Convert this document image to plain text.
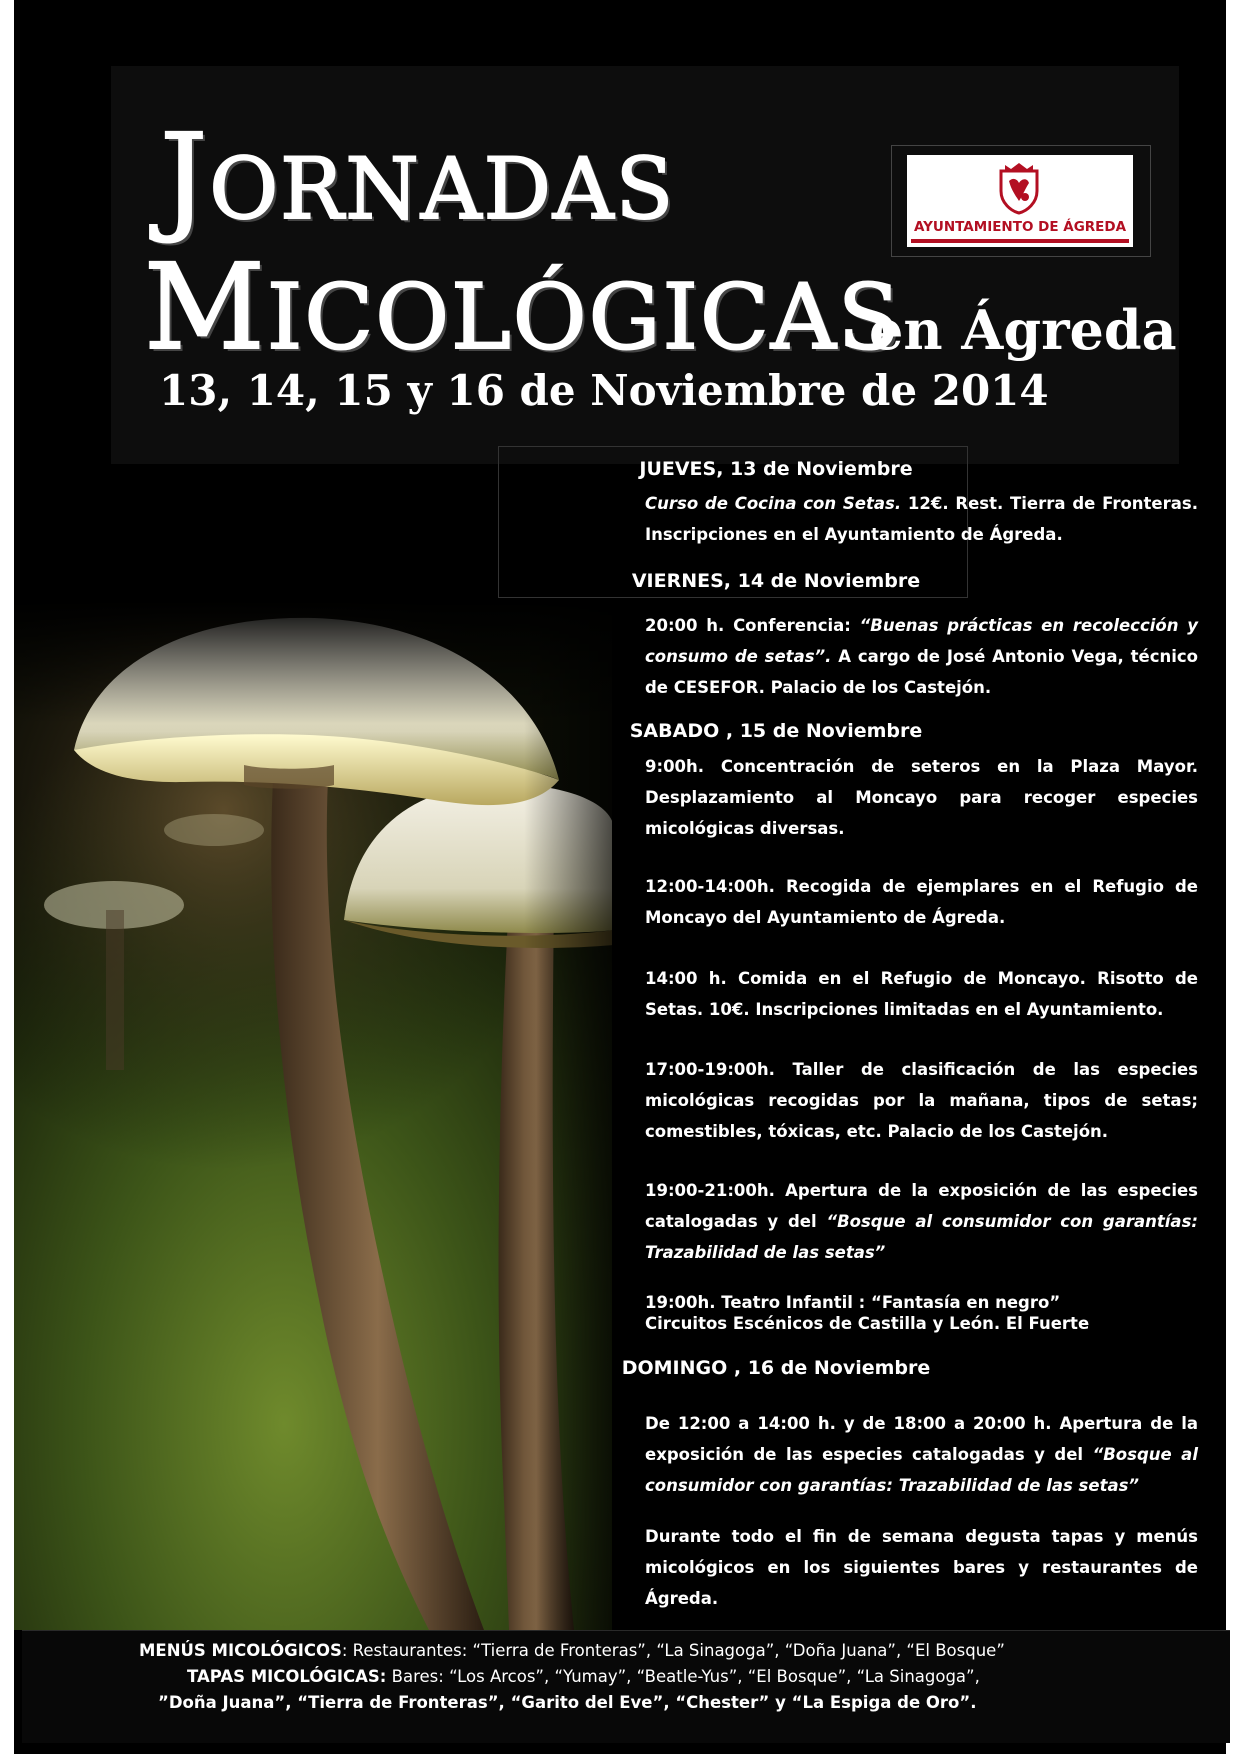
JORNADAS
MICOLÓGICAS
en Ágreda
13, 14, 15 y 16 de Noviembre de 2014
AYUNTAMIENTO DE ÁGREDA
JUEVES, 13 de Noviembre
Curso de Cocina con Setas. 12€. Rest. Tierra de Fronteras. Inscripciones en el Ayuntamiento de Ágreda.
VIERNES, 14 de Noviembre
20:00 h. Conferencia: “Buenas prácticas en recolección y consumo de setas”. A cargo de José Antonio Vega, técnico de CESEFOR. Palacio de los Castejón.
SABADO , 15 de Noviembre
9:00h. Concentración de seteros en la Plaza Mayor. Desplazamiento al Moncayo para recoger especies micológicas diversas.
12:00-14:00h. Recogida de ejemplares en el Refugio de Moncayo del Ayuntamiento de Ágreda.
14:00 h. Comida en el Refugio de Moncayo. Risotto de Setas. 10€. Inscripciones limitadas en el Ayuntamiento.
17:00-19:00h. Taller de clasificación de las especies micológicas recogidas por la mañana, tipos de setas; comestibles, tóxicas, etc. Palacio de los Castejón.
19:00-21:00h. Apertura de la exposición de las especies catalogadas y del “Bosque al consumidor con garantías: Trazabilidad de las setas”
19:00h. Teatro Infantil : “Fantasía en negro”
Circuitos Escénicos de Castilla y León. El Fuerte
DOMINGO , 16 de Noviembre
De 12:00 a 14:00 h. y de 18:00 a 20:00 h. Apertura de la exposición de las especies catalogadas y del “Bosque al consumidor con garantías: Trazabilidad de las setas”
Durante todo el fin de semana degusta tapas y menús micológicos en los siguientes bares y restaurantes de Ágreda.
MENÚS MICOLÓGICOS: Restaurantes: “Tierra de Fronteras”, “La Sinagoga”, “Doña Juana”, “El Bosque”
TAPAS MICOLÓGICAS: Bares: “Los Arcos”, “Yumay”, “Beatle-Yus”, “El Bosque”, “La Sinagoga”,
”Doña Juana”, “Tierra de Fronteras”, “Garito del Eve”, “Chester” y “La Espiga de Oro”.
